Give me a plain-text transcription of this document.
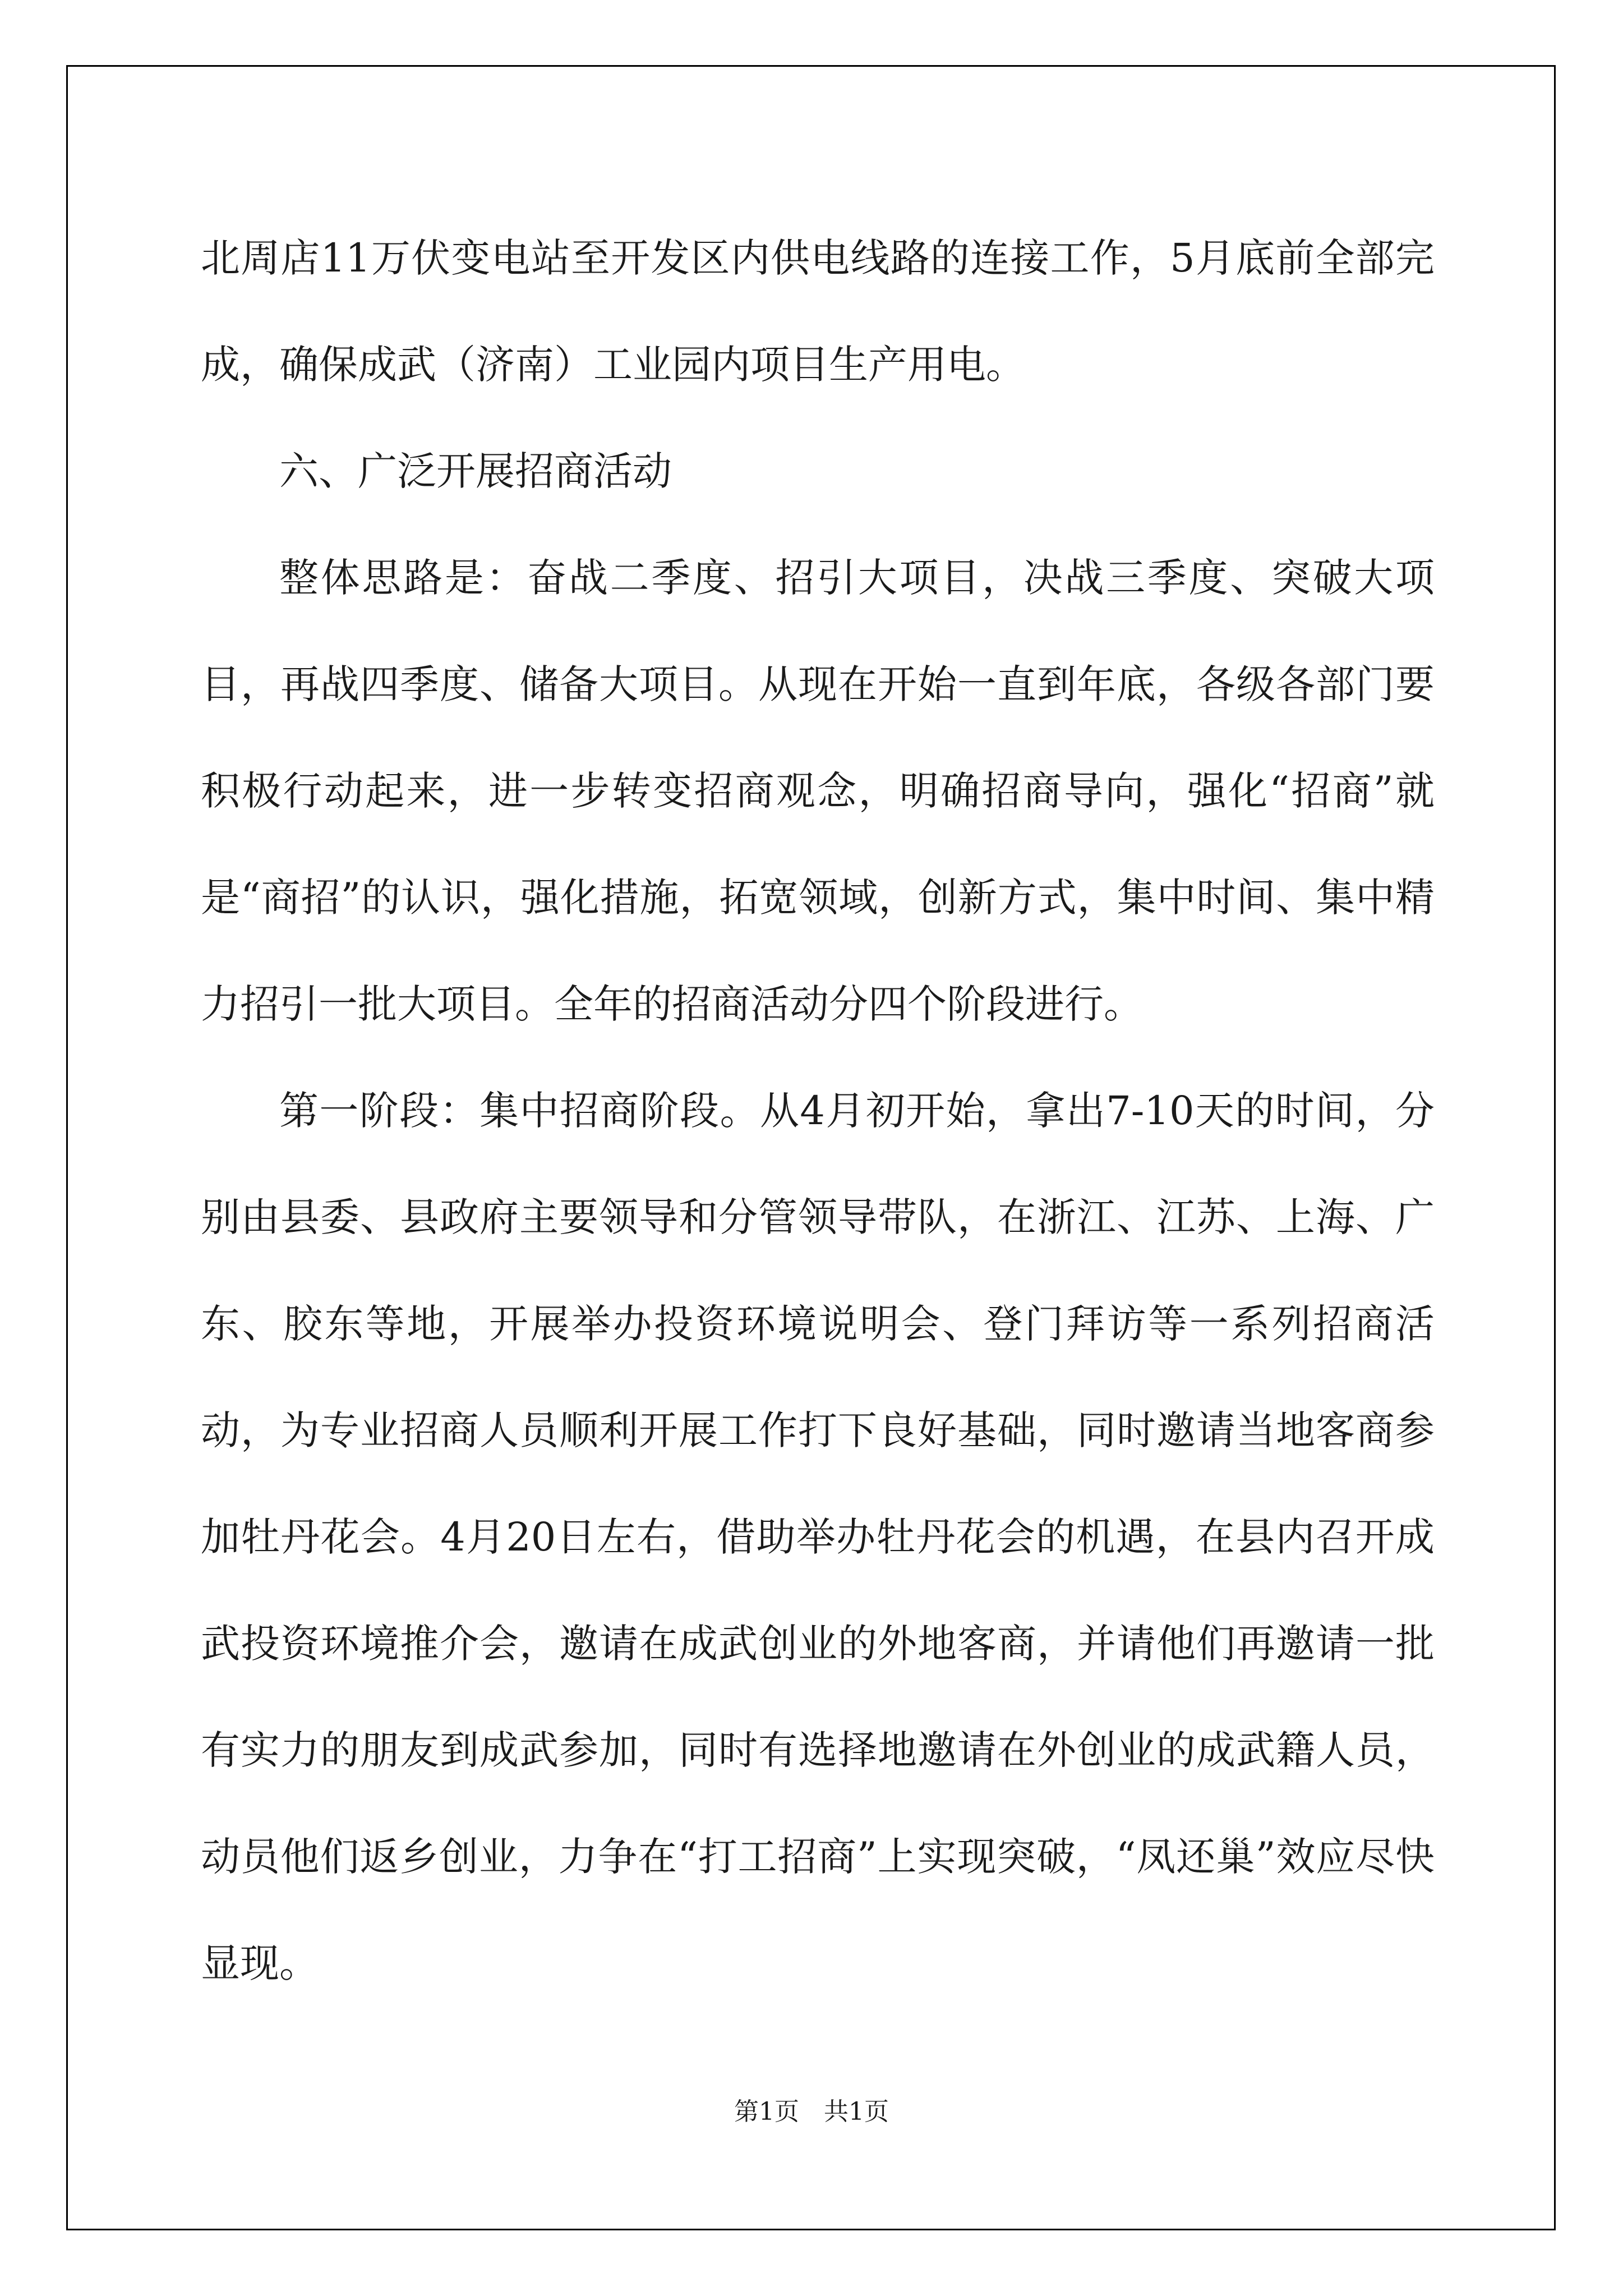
北周店11万伏变电站至开发区内供电线路的连接工作，5月底前全部完成，确保成武（济南）工业园内项目生产用电。

六、广泛开展招商活动

整体思路是：奋战二季度、招引大项目，决战三季度、突破大项目，再战四季度、储备大项目。从现在开始一直到年底，各级各部门要积极行动起来，进一步转变招商观念，明确招商导向，强化“招商”就是“商招”的认识，强化措施，拓宽领域，创新方式，集中时间、集中精力招引一批大项目。全年的招商活动分四个阶段进行。

第一阶段：集中招商阶段。从4月初开始，拿出7-10天的时间，分别由县委、县政府主要领导和分管领导带队，在浙江、江苏、上海、广东、胶东等地，开展举办投资环境说明会、登门拜访等一系列招商活动，为专业招商人员顺利开展工作打下良好基础，同时邀请当地客商参加牡丹花会。4月20日左右，借助举办牡丹花会的机遇，在县内召开成武投资环境推介会，邀请在成武创业的外地客商，并请他们再邀请一批有实力的朋友到成武参加，同时有选择地邀请在外创业的成武籍人员，动员他们返乡创业，力争在“打工招商”上实现突破，“凤还巢”效应尽快显现。

第1页 共1页
